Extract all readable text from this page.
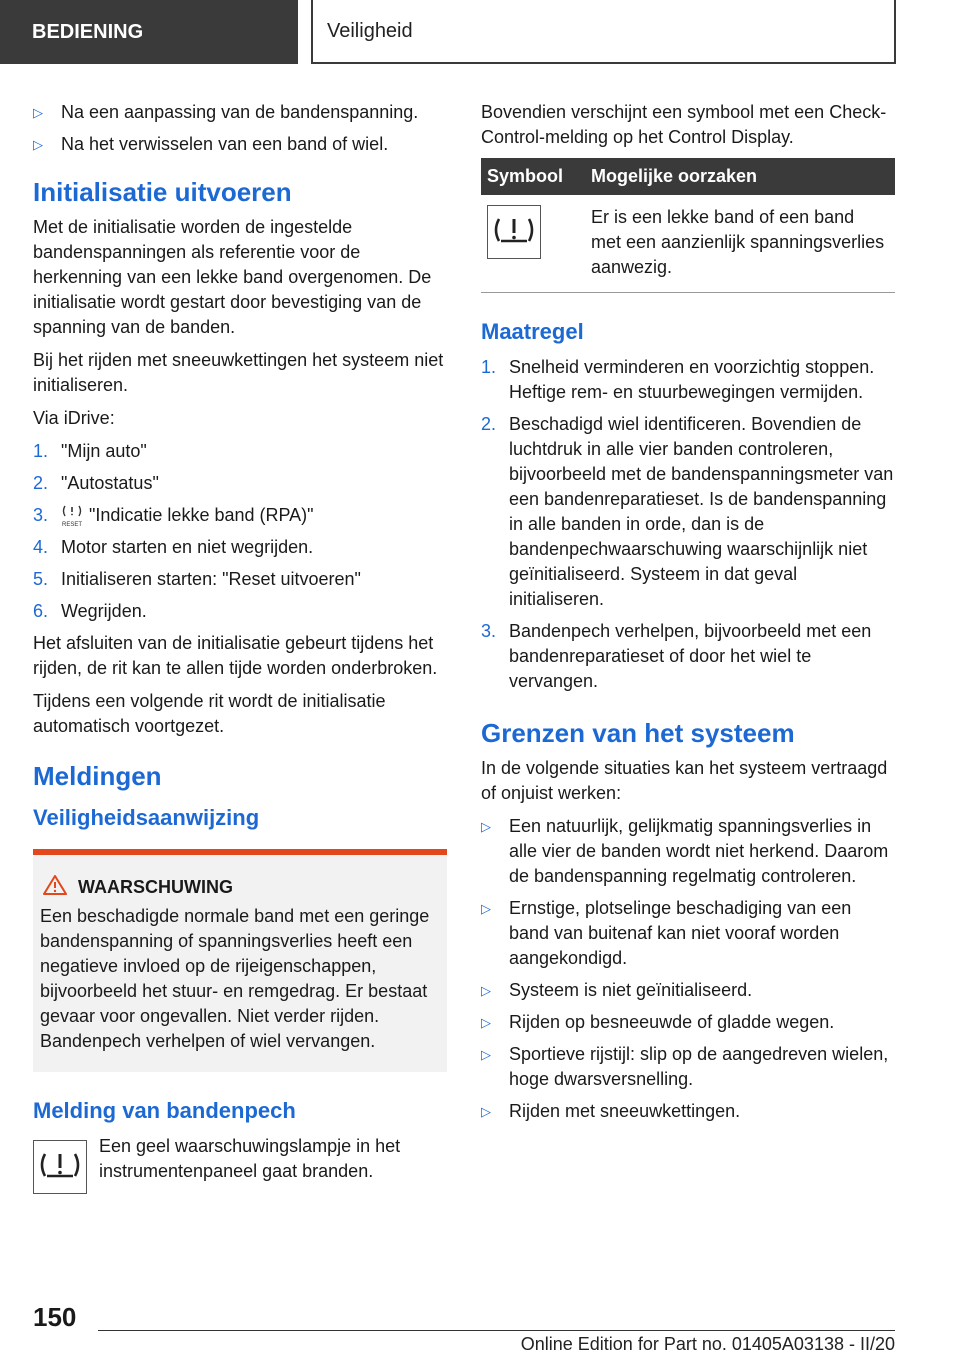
BEDIENING	Veiligheid
▷ Na een aanpassing van de bandenspanning.
▷ Na het verwisselen van een band of wiel.
Initialisatie uitvoeren

Met de initialisatie worden de ingestelde bandenspanningen als referentie voor de herkenning van een lekke band overgenomen. De initialisatie wordt gestart door bevestiging van de spanning van de banden.

Bij het rijden met sneeuwkettingen het systeem niet initialiseren.

Via iDrive:

1. "Mijn auto"
2. "Autostatus"
3.
RESET
"Indicatie lekke band (RPA)"
4. Motor starten en niet wegrijden.
5. Initialiseren starten: "Reset uitvoeren"
6. Wegrijden.

Het afsluiten van de initialisatie gebeurt tijdens het rijden, de rit kan te allen tijde worden onderbroken.

Tijdens een volgende rit wordt de initialisatie automatisch voortgezet.

Meldingen
Veiligheidsaanwijzing
WAARSCHUWING

Een beschadigde normale band met een geringe bandenspanning of spanningsverlies heeft een negatieve invloed op de rijeigenschappen, bijvoorbeeld het stuur- en remgedrag. Er bestaat gevaar voor ongevallen. Niet verder rijden. Bandenpech verhelpen of wiel vervangen.

Melding van bandenpech

Een geel waarschuwingslampje in het instrumentenpaneel gaat branden.

Bovendien verschijnt een symbool met een Check-Control-melding op het Control Display.

Symbool	Mogelijke oorzaken
	Er is een lekke band of een band met een aanzienlijk spanningsverlies aanwezig.
Maatregel
1. Snelheid verminderen en voorzichtig stoppen. Heftige rem- en stuurbewegingen vermijden.
2. Beschadigd wiel identificeren. Bovendien de luchtdruk in alle vier banden controleren, bijvoorbeeld met de bandenspanningsmeter van een bandenreparatieset. Is de bandenspanning in alle banden in orde, dan is de bandenpechwaarschuwing waarschijnlijk niet geïnitialiseerd. Systeem in dat geval initialiseren.
3. Bandenpech verhelpen, bijvoorbeeld met een bandenreparatieset of door het wiel te vervangen.
Grenzen van het systeem

In de volgende situaties kan het systeem vertraagd of onjuist werken:

▷ Een natuurlijk, gelijkmatig spanningsverlies in alle vier de banden wordt niet herkend. Daarom de bandenspanning regelmatig controleren.
▷ Ernstige, plotselinge beschadiging van een band van buitenaf kan niet vooraf worden aangekondigd.
▷ Systeem is niet geïnitialiseerd.
▷ Rijden op besneeuwde of gladde wegen.
▷ Sportieve rijstijl: slip op de aangedreven wielen, hoge dwarsversnelling.
▷ Rijden met sneeuwkettingen.
150
Online Edition for Part no. 01405A03138 - II/20
